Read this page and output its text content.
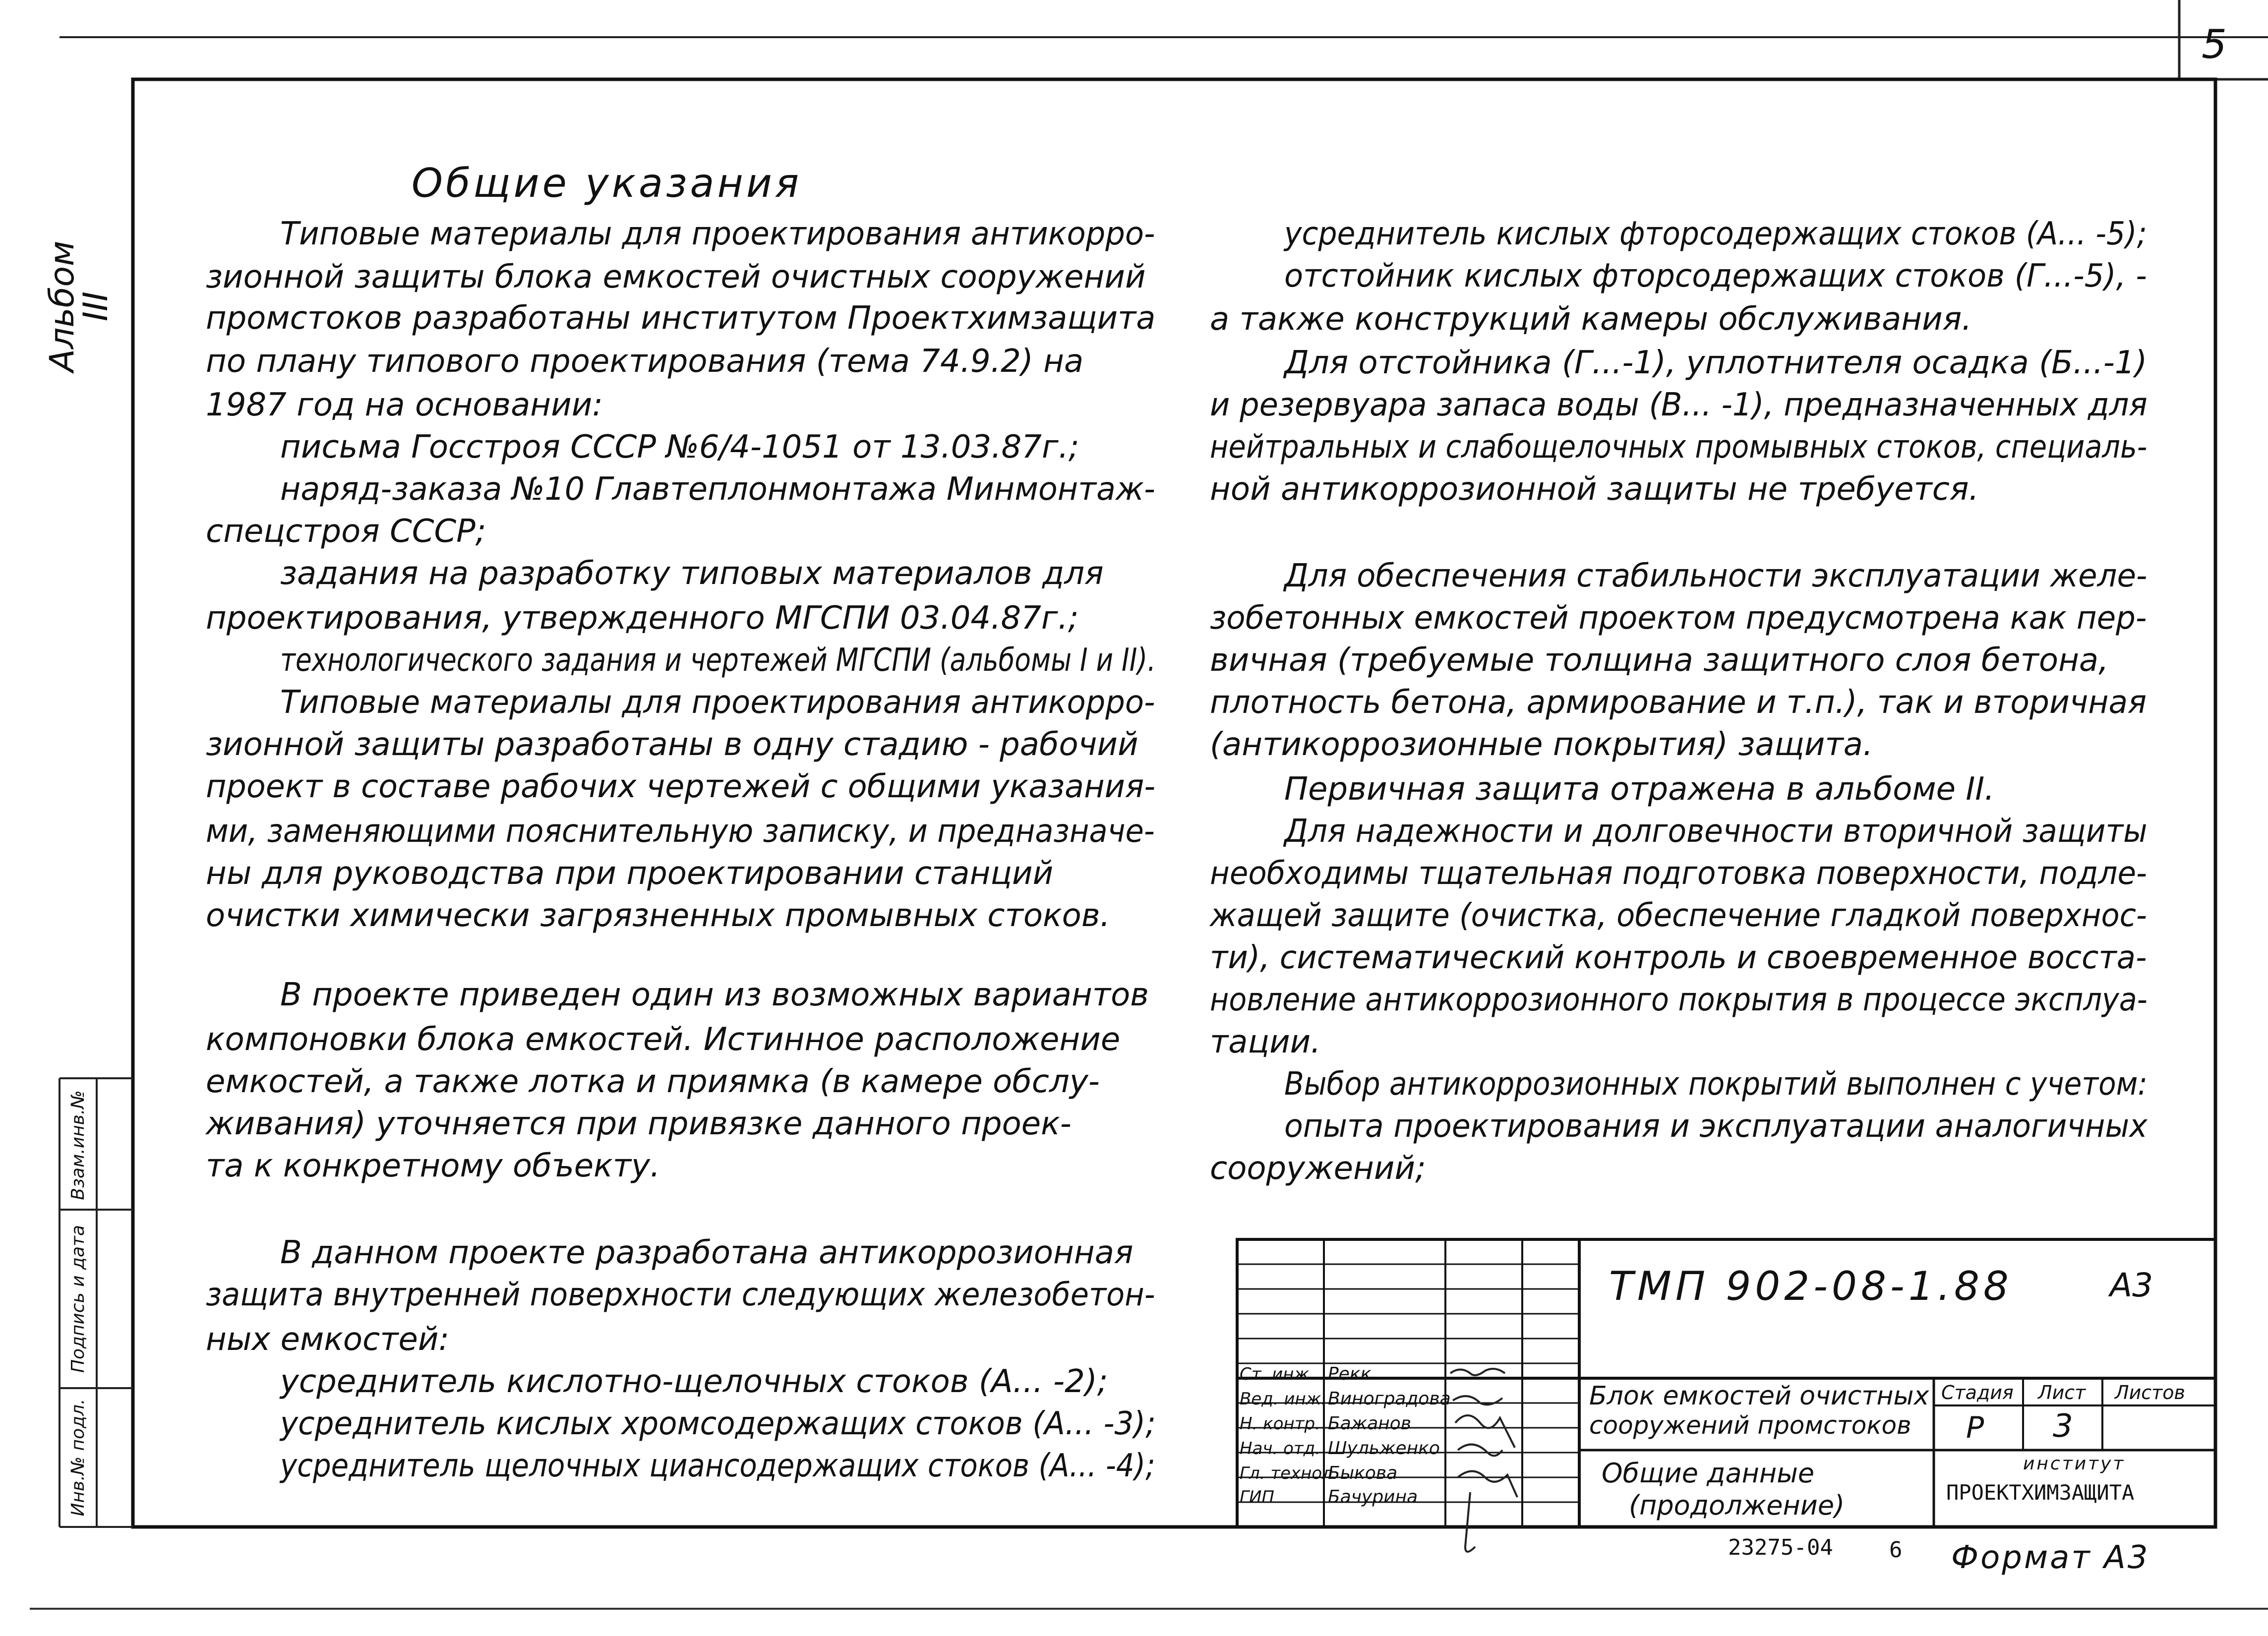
5
Альбом III
Инв.№ подл.
Подпись и дата
Взам.инв.№
Общие указания
Типовые материалы для проектирования антикорро-
зионной защиты блока емкостей очистных сооружений
промстоков разработаны институтом Проектхимзащита
по плану типового проектирования (тема 74.9.2) на
1987 год на основании:
письма Госстроя СССР №6/4-1051 от 13.03.87г.;
наряд-заказа №10 Главтеплонмонтажа Минмонтаж-
спецстроя СССР;
задания на разработку типовых материалов для
проектирования, утвержденного МГСПИ 03.04.87г.;
технологического задания и чертежей МГСПИ (альбомы I и II).
Типовые материалы для проектирования антикорро-
зионной защиты разработаны в одну стадию - рабочий
проект в составе рабочих чертежей с общими указания-
ми, заменяющими пояснительную записку, и предназначе-
ны для руководства при проектировании станций
очистки химически загрязненных промывных стоков.
В проекте приведен один из возможных вариантов
компоновки блока емкостей. Истинное расположение
емкостей, а также лотка и приямка (в камере обслу-
живания) уточняется при привязке данного проек-
та к конкретному объекту.
В данном проекте разработана антикоррозионная
защита внутренней поверхности следующих железобетон-
ных емкостей:
усреднитель кислотно-щелочных стоков (А... -2);
усреднитель кислых хромсодержащих стоков (А... -3);
усреднитель щелочных циансодержащих стоков (А... -4);
усреднитель кислых фторсодержащих стоков (А... -5);
отстойник кислых фторсодержащих стоков (Г...-5), -
а также конструкций камеры обслуживания.
Для отстойника (Г...-1), уплотнителя осадка (Б...-1)
и резервуара запаса воды (В... -1), предназначенных для
нейтральных и слабощелочных промывных стоков, специаль-
ной антикоррозионной защиты не требуется.
Для обеспечения стабильности эксплуатации желе-
зобетонных емкостей проектом предусмотрена как пер-
вичная (требуемые толщина защитного слоя бетона,
плотность бетона, армирование и т.п.), так и вторичная
(антикоррозионные покрытия) защита.
Первичная защита отражена в альбоме II.
Для надежности и долговечности вторичной защиты
необходимы тщательная подготовка поверхности, подле-
жащей защите (очистка, обеспечение гладкой поверхнос-
ти), систематический контроль и своевременное восста-
новление антикоррозионного покрытия в процессе эксплуа-
тации.
Выбор антикоррозионных покрытий выполнен с учетом:
опыта проектирования и эксплуатации аналогичных
сооружений;
ТМП 902-08-1.88	А3
Ст. инж.
Вед. инж.
Н. контр.
Нач. отд.
Гл. технол.
ГИП
Рекк
Виноградова
Бажанов
Шульженко
Быкова
Бачурина
Блок емкостей очистных
сооружений промстоков
Общие данные
(продолжение)
Стадия Лист Листов
Р 3
институт
ПРОЕКТХИМЗАЩИТА
23275-04	6 Формат А3
